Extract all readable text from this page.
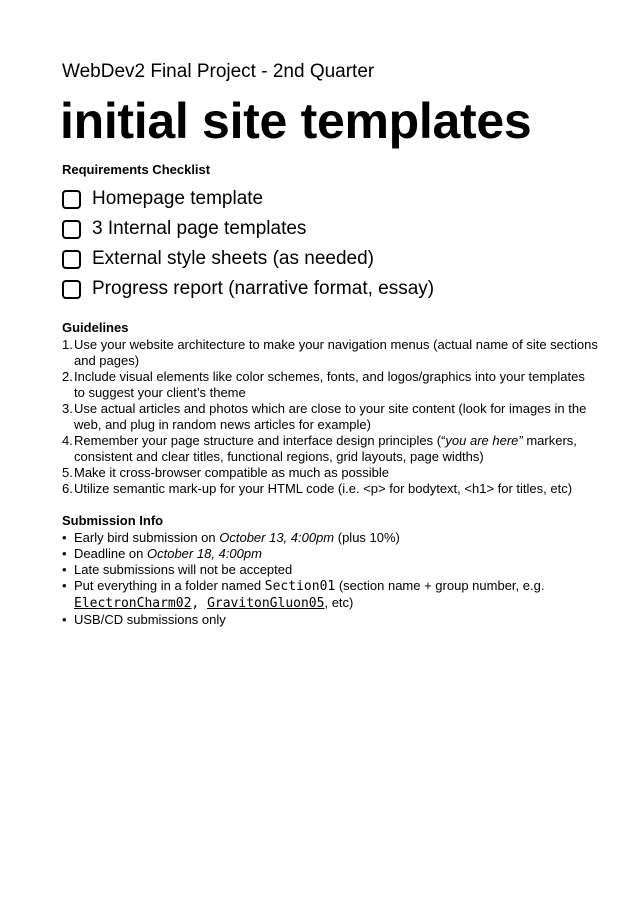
WebDev2 Final Project - 2nd Quarter

initial site templates

Requirements Checklist

Homepage template
3 Internal page templates
External style sheets (as needed)
Progress report (narrative format, essay)

Guidelines

1. Use your website architecture to make your navigation menus (actual name of site sections and pages)
2. Include visual elements like color schemes, fonts, and logos/graphics into your templates to suggest your client’s theme
3. Use actual articles and photos which are close to your site content (look for images in the web, and plug in random news articles for example)
4. Remember your page structure and interface design principles (“you are here” markers, consistent and clear titles, functional regions, grid layouts, page widths)
5. Make it cross-browser compatible as much as possible
6. Utilize semantic mark-up for your HTML code (i.e. <p> for bodytext, <h1> for titles, etc)

Submission Info

• Early bird submission on October 13, 4:00pm (plus 10%)
• Deadline on October 18, 4:00pm
• Late submissions will not be accepted
• Put everything in a folder named Section01 (section name + group number, e.g.
ElectronCharm02, GravitonGluon05, etc)
• USB/CD submissions only
